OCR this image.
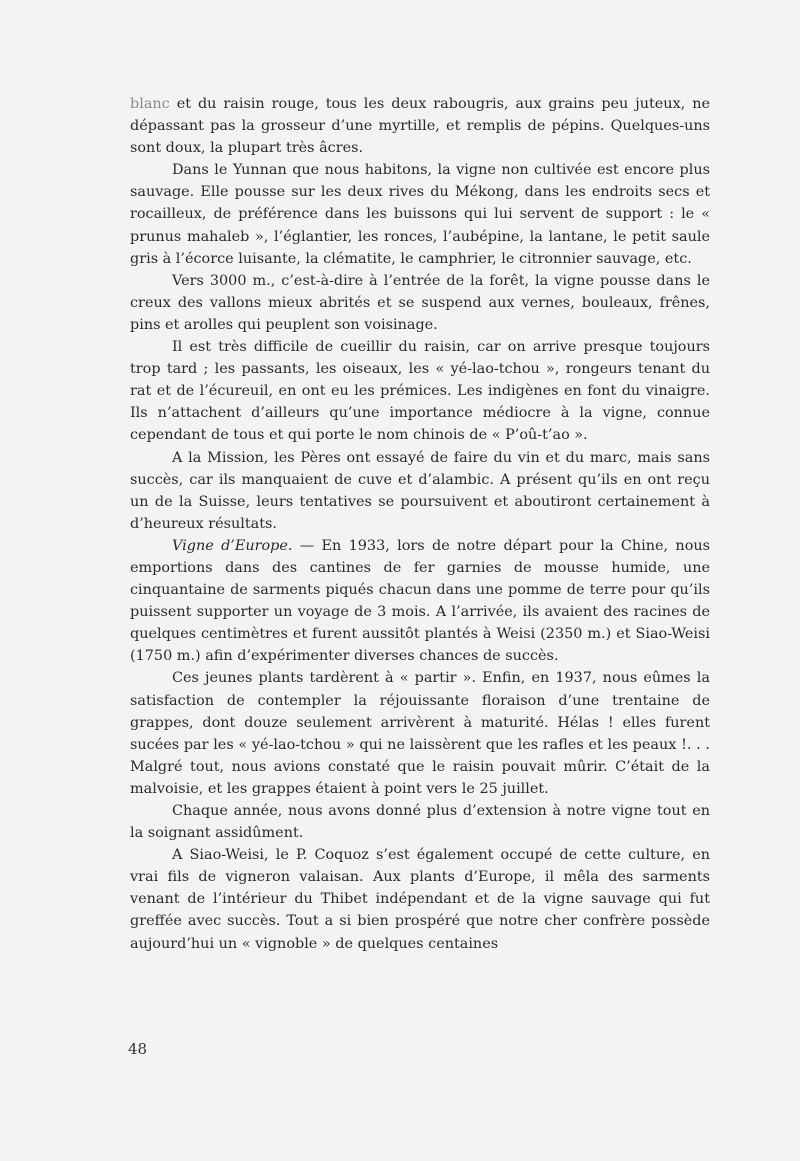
blanc et du raisin rouge, tous les deux rabougris, aux grains peu juteux, ne dépassant pas la grosseur d’une myrtille, et remplis de pépins. Quelques-uns sont doux, la plupart très âcres.

Dans le Yunnan que nous habitons, la vigne non cultivée est encore plus sauvage. Elle pousse sur les deux rives du Mékong, dans les endroits secs et rocailleux, de préférence dans les buissons qui lui servent de support : le « prunus mahaleb », l’églantier, les ronces, l’aubépine, la lantane, le petit saule gris à l’écorce luisante, la clématite, le camphrier, le citronnier sauvage, etc.

Vers 3000 m., c’est-à-dire à l’entrée de la forêt, la vigne pousse dans le creux des vallons mieux abrités et se suspend aux vernes, bouleaux, frênes, pins et arolles qui peuplent son voisinage.

Il est très difficile de cueillir du raisin, car on arrive presque toujours trop tard ; les passants, les oiseaux, les « yé-lao-tchou », rongeurs tenant du rat et de l’écureuil, en ont eu les prémices. Les indigènes en font du vinaigre. Ils n’attachent d’ailleurs qu’une importance médiocre à la vigne, connue cependant de tous et qui porte le nom chinois de « P’oû-t’ao ».

A la Mission, les Pères ont essayé de faire du vin et du marc, mais sans succès, car ils manquaient de cuve et d’alambic. A présent qu’ils en ont reçu un de la Suisse, leurs tentatives se poursuivent et aboutiront certainement à d’heureux résultats.

Vigne d’Europe. — En 1933, lors de notre départ pour la Chine, nous emportions dans des cantines de fer garnies de mousse humide, une cinquantaine de sarments piqués chacun dans une pomme de terre pour qu’ils puissent supporter un voyage de 3 mois. A l’arrivée, ils avaient des racines de quelques centimètres et furent aussitôt plantés à Weisi (2350 m.) et Siao-Weisi (1750 m.) afin d’expérimenter diverses chances de succès.

Ces jeunes plants tardèrent à « partir ». Enfin, en 1937, nous eûmes la satisfaction de contempler la réjouissante floraison d’une trentaine de grappes, dont douze seulement arrivèrent à maturité. Hélas ! elles furent sucées par les « yé-lao-tchou » qui ne laissèrent que les rafles et les peaux !. . . Malgré tout, nous avions constaté que le raisin pouvait mûrir. C’était de la malvoisie, et les grappes étaient à point vers le 25 juillet.

Chaque année, nous avons donné plus d’extension à notre vigne tout en la soignant assidûment.

A Siao-Weisi, le P. Coquoz s’est également occupé de cette culture, en vrai fils de vigneron valaisan. Aux plants d’Europe, il mêla des sarments venant de l’intérieur du Thibet indépendant et de la vigne sauvage qui fut greffée avec succès. Tout a si bien prospéré que notre cher confrère possède aujourd’hui un « vignoble » de quelques centaines

48
